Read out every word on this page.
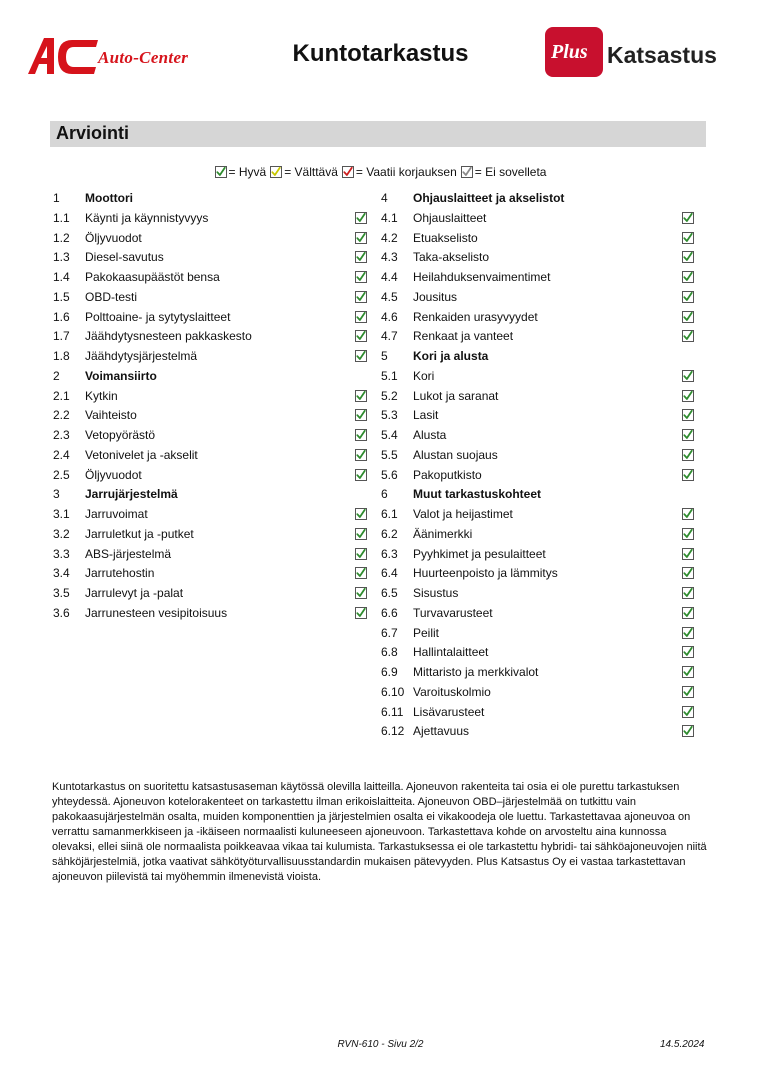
Auto-Center	Kuntotarkastus	Plus Katsastus
Arviointi
= Hyvä = Välttävä = Vaatii korjauksen = Ei sovelleta
1 Moottori
1.1 Käynti ja käynnistyvyys
1.2 Öljyvuodot
1.3 Diesel-savutus
1.4 Pakokaasupäästöt bensa
1.5 OBD-testi
1.6 Polttoaine- ja sytytyslaitteet
1.7 Jäähdytysnesteen pakkaskesto
1.8 Jäähdytysjärjestelmä
2 Voimansiirto
2.1 Kytkin
2.2 Vaihteisto
2.3 Vetopyörästö
2.4 Vetonivelet ja -akselit
2.5 Öljyvuodot
3 Jarrujärjestelmä
3.1 Jarruvoimat
3.2 Jarruletkut ja -putket
3.3 ABS-järjestelmä
3.4 Jarrutehostin
3.5 Jarrulevyt ja -palat
3.6 Jarrunesteen vesipitoisuus
4 Ohjauslaitteet ja akselistot
4.1 Ohjauslaitteet
4.2 Etuakselisto
4.3 Taka-akselisto
4.4 Heilahduksenvaimentimet
4.5 Jousitus
4.6 Renkaiden urasyvyydet
4.7 Renkaat ja vanteet
5 Kori ja alusta
5.1 Kori
5.2 Lukot ja saranat
5.3 Lasit
5.4 Alusta
5.5 Alustan suojaus
5.6 Pakoputkisto
6 Muut tarkastuskohteet
6.1 Valot ja heijastimet
6.2 Äänimerkki
6.3 Pyyhkimet ja pesulaitteet
6.4 Huurteenpoisto ja lämmitys
6.5 Sisustus
6.6 Turvavarusteet
6.7 Peilit
6.8 Hallintalaitteet
6.9 Mittaristo ja merkkivalot
6.10 Varoituskolmio
6.11 Lisävarusteet
6.12 Ajettavuus
Kuntotarkastus on suoritettu katsastusaseman käytössä olevilla laitteilla. Ajoneuvon rakenteita tai osia ei ole purettu tarkastuksen yhteydessä. Ajoneuvon kotelorakenteet on tarkastettu ilman erikoislaitteita. Ajoneuvon OBD–järjestelmää on tutkittu vain pakokaasujärjestelmän osalta, muiden komponenttien ja järjestelmien osalta ei vikakoodeja ole luettu. Tarkastettavaa ajoneuvoa on verrattu samanmerkkiseen ja -ikäiseen normaalisti kuluneeseen ajoneuvoon. Tarkastettava kohde on arvosteltu aina kunnossa olevaksi, ellei siinä ole normaalista poikkeavaa vikaa tai kulumista. Tarkastuksessa ei ole tarkastettu hybridi- tai sähköajoneuvojen niitä sähköjärjestelmiä, jotka vaativat sähkötyöturvallisuusstandardin mukaisen pätevyyden. Plus Katsastus Oy ei vastaa tarkastettavan ajoneuvon piilevistä tai myöhemmin ilmenevistä vioista.
RVN-610 - Sivu 2/2	14.5.2024
